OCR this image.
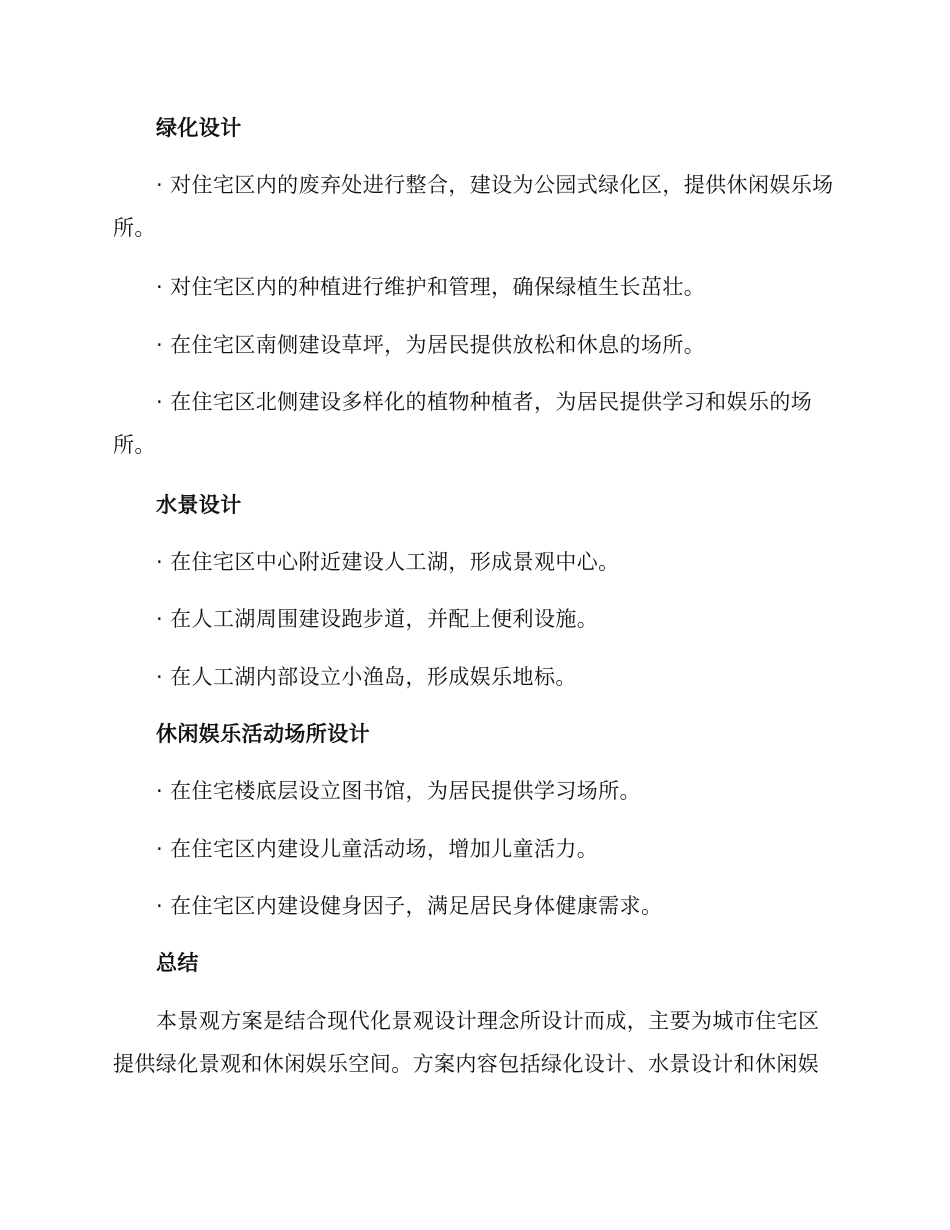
绿化设计
· 对住宅区内的废弃处进行整合，建设为公园式绿化区，提供休闲娱乐场所。
· 对住宅区内的种植进行维护和管理，确保绿植生长茁壮。
· 在住宅区南侧建设草坪，为居民提供放松和休息的场所。
· 在住宅区北侧建设多样化的植物种植者，为居民提供学习和娱乐的场所。
水景设计
· 在住宅区中心附近建设人工湖，形成景观中心。
· 在人工湖周围建设跑步道，并配上便利设施。
· 在人工湖内部设立小渔岛，形成娱乐地标。
休闲娱乐活动场所设计
· 在住宅楼底层设立图书馆，为居民提供学习场所。
· 在住宅区内建设儿童活动场，增加儿童活力。
· 在住宅区内建设健身因子，满足居民身体健康需求。
总结
本景观方案是结合现代化景观设计理念所设计而成，主要为城市住宅区提供绿化景观和休闲娱乐空间。方案内容包括绿化设计、水景设计和休闲娱
